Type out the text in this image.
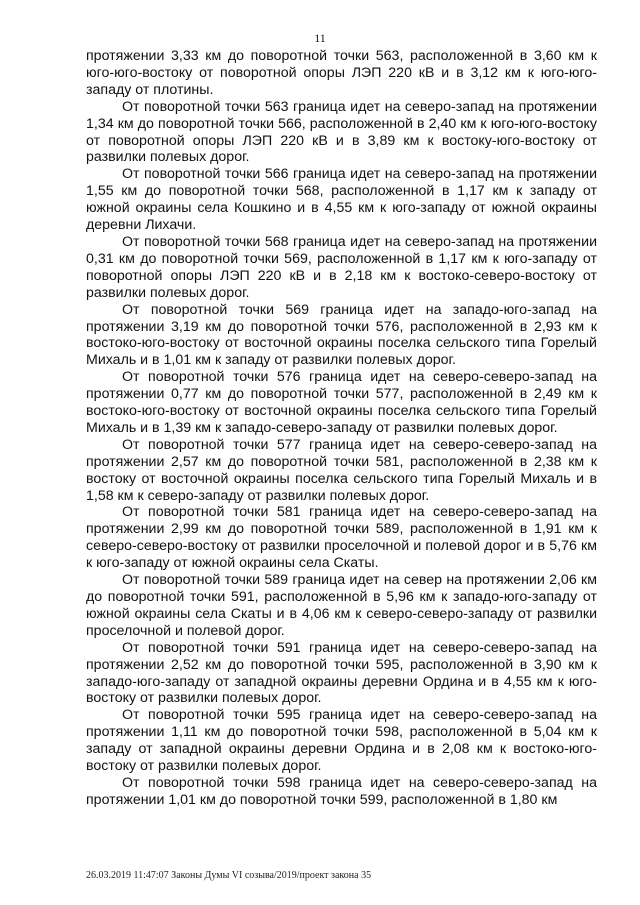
11

протяжении 3,33 км до поворотной точки 563, расположенной в 3,60 км к юго-юго-востоку от поворотной опоры ЛЭП 220 кВ и в 3,12 км к юго-юго-западу от плотины.

От поворотной точки 563 граница идет на северо-запад на протяжении 1,34 км до поворотной точки 566, расположенной в 2,40 км к юго-юго-востоку от поворотной опоры ЛЭП 220 кВ и в 3,89 км к востоку-юго-востоку от развилки полевых дорог.

От поворотной точки 566 граница идет на северо-запад на протяжении 1,55 км до поворотной точки 568, расположенной в 1,17 км к западу от южной окраины села Кошкино и в 4,55 км к юго-западу от южной окраины деревни Лихачи.

От поворотной точки 568 граница идет на северо-запад на протяжении 0,31 км до поворотной точки 569, расположенной в 1,17 км к юго-западу от поворотной опоры ЛЭП 220 кВ и в 2,18 км к востоко-северо-востоку от развилки полевых дорог.

От поворотной точки 569 граница идет на западо-юго-запад на протяжении 3,19 км до поворотной точки 576, расположенной в 2,93 км к востоко-юго-востоку от восточной окраины поселка сельского типа Горелый Михаль и в 1,01 км к западу от развилки полевых дорог.

От поворотной точки 576 граница идет на северо-северо-запад на протяжении 0,77 км до поворотной точки 577, расположенной в 2,49 км к востоко-юго-востоку от восточной окраины поселка сельского типа Горелый Михаль и в 1,39 км к западо-северо-западу от развилки полевых дорог.

От поворотной точки 577 граница идет на северо-северо-запад на протяжении 2,57 км до поворотной точки 581, расположенной в 2,38 км к востоку от восточной окраины поселка сельского типа Горелый Михаль и в 1,58 км к северо-западу от развилки полевых дорог.

От поворотной точки 581 граница идет на северо-северо-запад на протяжении 2,99 км до поворотной точки 589, расположенной в 1,91 км к северо-северо-востоку от развилки проселочной и полевой дорог и в 5,76 км к юго-западу от южной окраины села Скаты.

От поворотной точки 589 граница идет на север на протяжении 2,06 км до поворотной точки 591, расположенной в 5,96 км к западо-юго-западу от южной окраины села Скаты и в 4,06 км к северо-северо-западу от развилки проселочной и полевой дорог.

От поворотной точки 591 граница идет на северо-северо-запад на протяжении 2,52 км до поворотной точки 595, расположенной в 3,90 км к западо-юго-западу от западной окраины деревни Ордина и в 4,55 км к юго-востоку от развилки полевых дорог.

От поворотной точки 595 граница идет на северо-северо-запад на протяжении 1,11 км до поворотной точки 598, расположенной в 5,04 км к западу от западной окраины деревни Ордина и в 2,08 км к востоко-юго-востоку от развилки полевых дорог.

От поворотной точки 598 граница идет на северо-северо-запад на протяжении 1,01 км до поворотной точки 599, расположенной в 1,80 км

26.03.2019 11:47:07 Законы Думы VI созыва/2019/проект закона 35
